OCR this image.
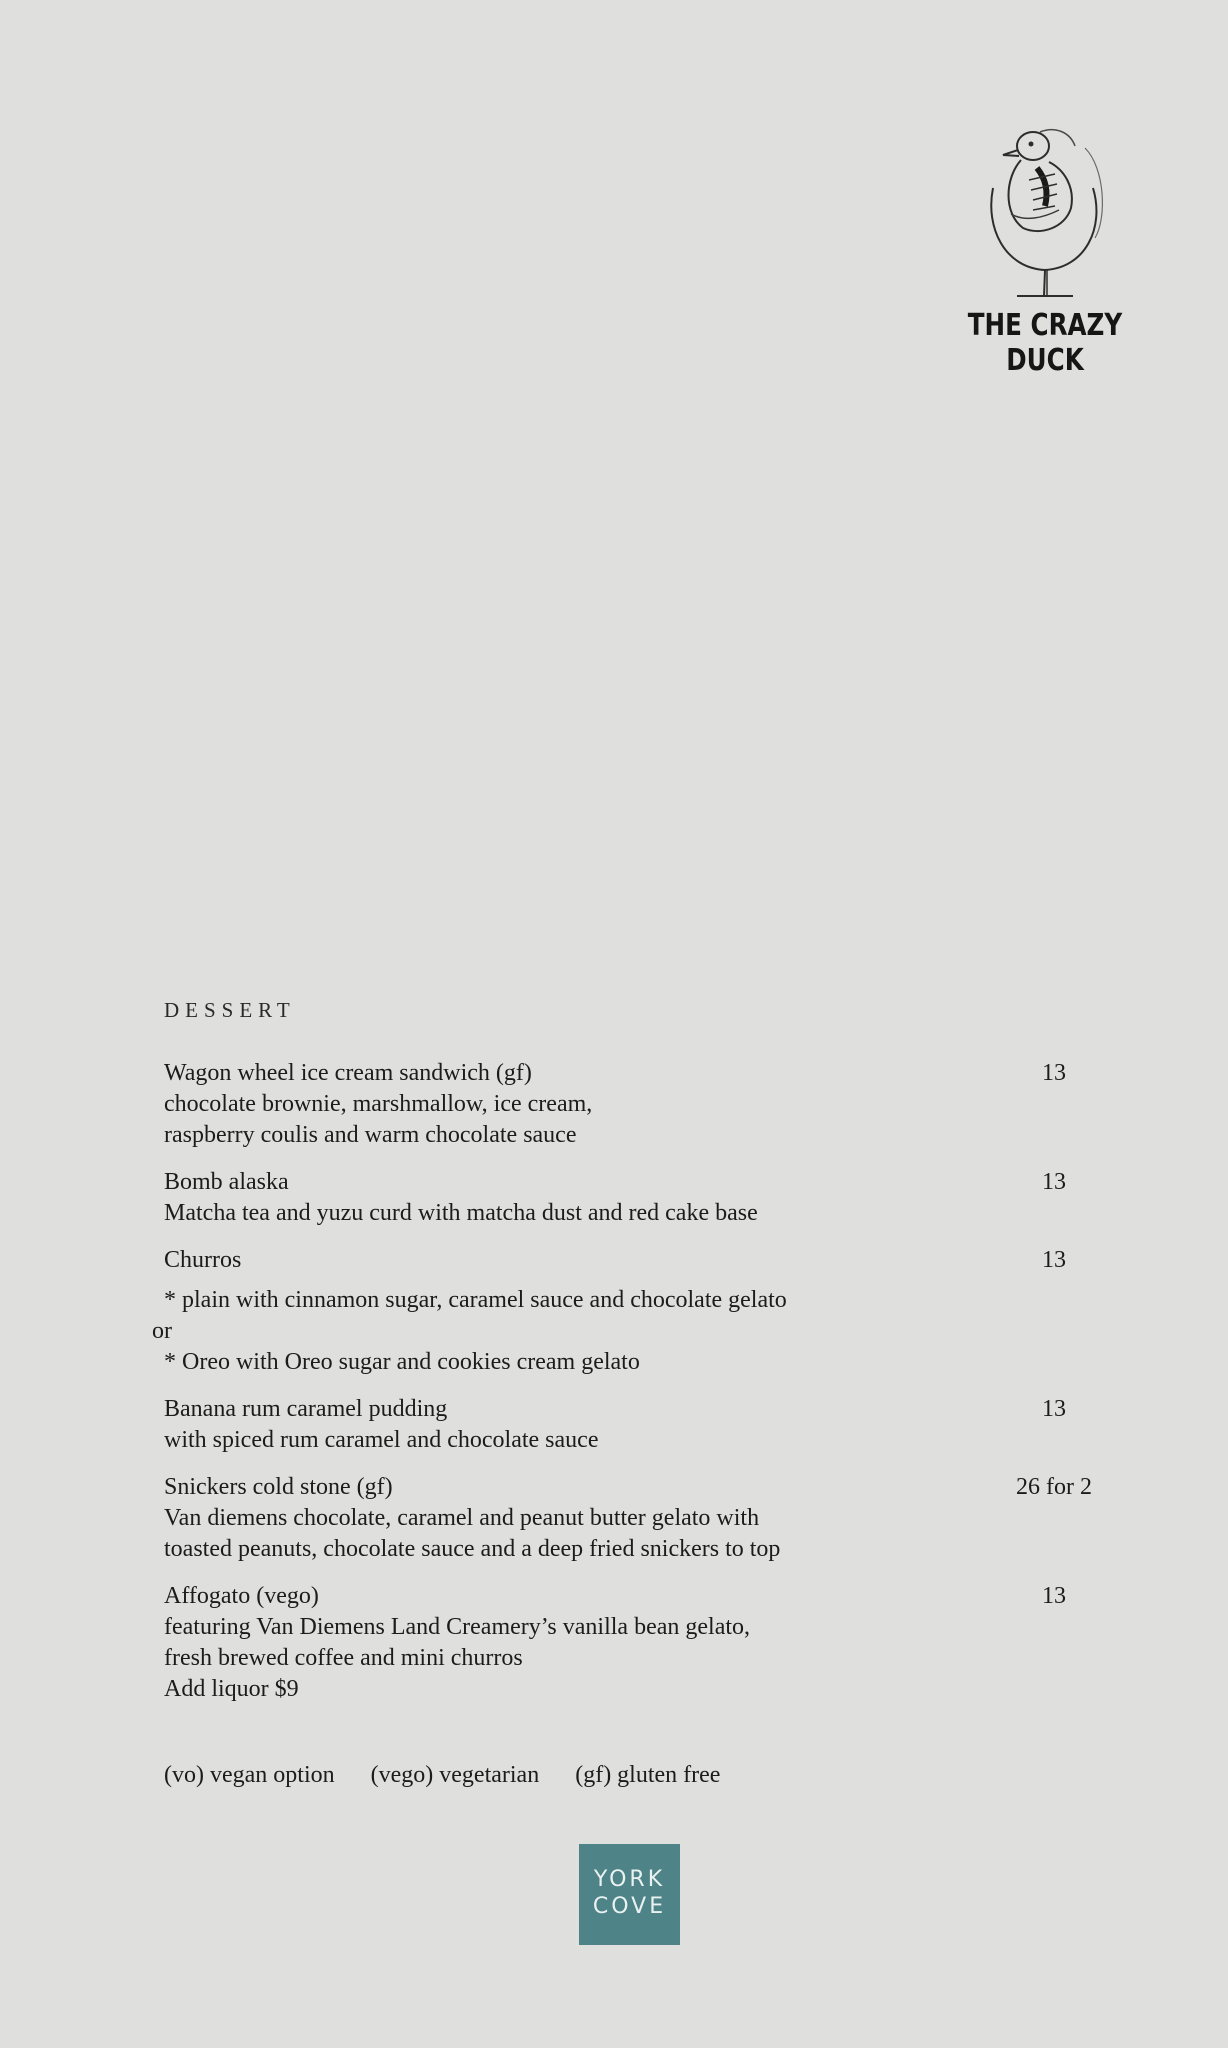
THE CRAZY DUCK
DESSERT
Wagon wheel ice cream sandwich (gf)	13
chocolate brownie, marshmallow, ice cream,
raspberry coulis and warm chocolate sauce
Bomb alaska	13
Matcha tea and yuzu curd with matcha dust and red cake base
Churros	13
* plain with cinnamon sugar, caramel sauce and chocolate gelato
or
* Oreo with Oreo sugar and cookies cream gelato
Banana rum caramel pudding	13
with spiced rum caramel and chocolate sauce
Snickers cold stone (gf)	26 for 2
Van diemens chocolate, caramel and peanut butter gelato with
toasted peanuts, chocolate sauce and a deep fried snickers to top
Affogato (vego)	13
featuring Van Diemens Land Creamery’s vanilla bean gelato,
fresh brewed coffee and mini churros
Add liquor $9
(vo) vegan option (vego) vegetarian (gf) gluten free
YORK
COVE
